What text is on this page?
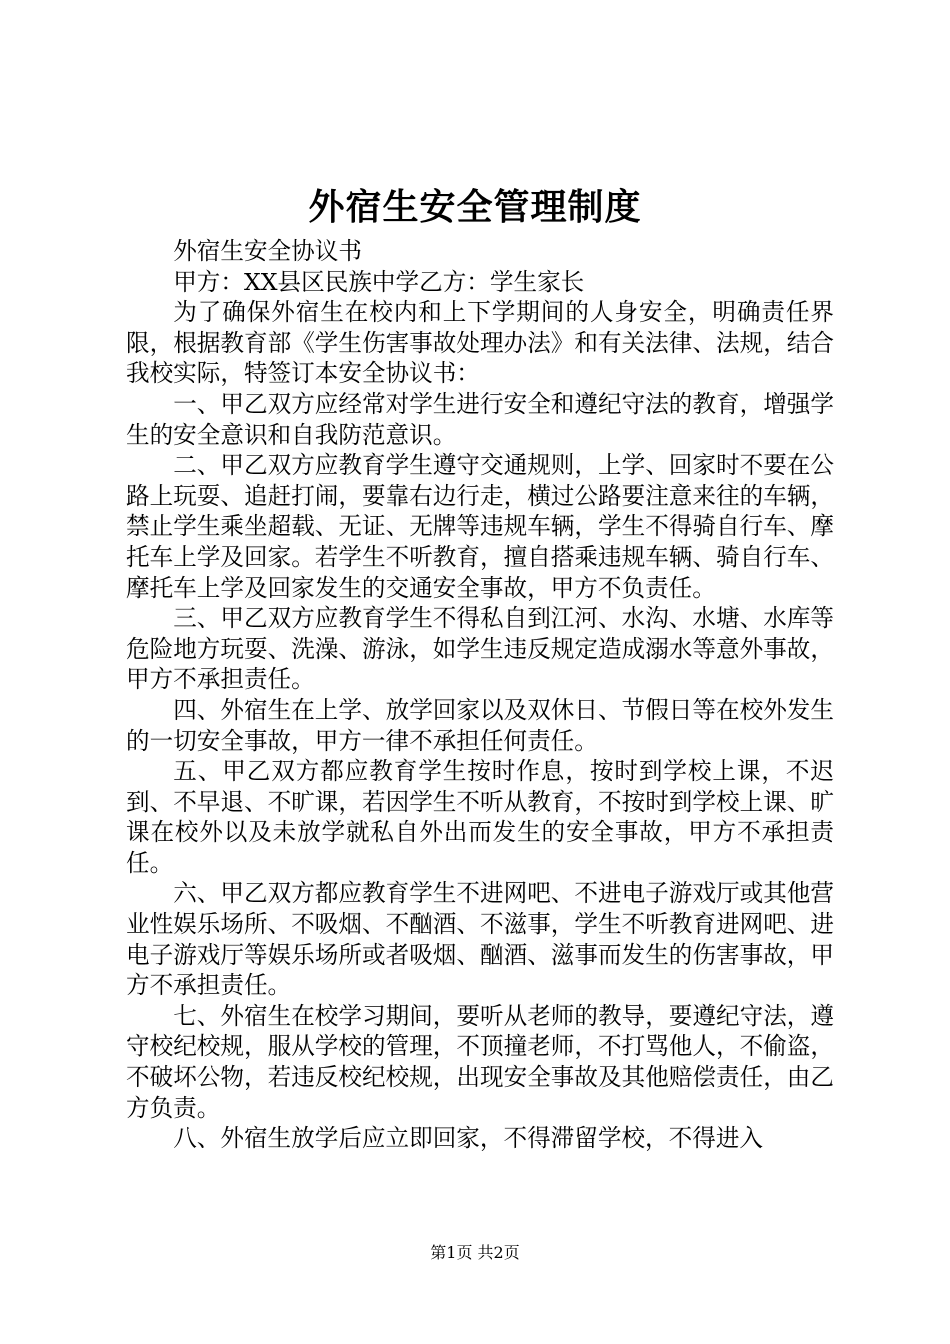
外宿生安全管理制度

外宿生安全协议书

甲方：XX县区民族中学乙方：学生家长

为了确保外宿生在校内和上下学期间的人身安全，明确责任界限，根据教育部《学生伤害事故处理办法》和有关法律、法规，结合我校实际，特签订本安全协议书：

一、甲乙双方应经常对学生进行安全和遵纪守法的教育，增强学生的安全意识和自我防范意识。

二、甲乙双方应教育学生遵守交通规则，上学、回家时不要在公路上玩耍、追赶打闹，要靠右边行走，横过公路要注意来往的车辆，禁止学生乘坐超载、无证、无牌等违规车辆，学生不得骑自行车、摩托车上学及回家。若学生不听教育，擅自搭乘违规车辆、骑自行车、摩托车上学及回家发生的交通安全事故，甲方不负责任。

三、甲乙双方应教育学生不得私自到江河、水沟、水塘、水库等危险地方玩耍、洗澡、游泳，如学生违反规定造成溺水等意外事故，甲方不承担责任。

四、外宿生在上学、放学回家以及双休日、节假日等在校外发生的一切安全事故，甲方一律不承担任何责任。

五、甲乙双方都应教育学生按时作息，按时到学校上课，不迟到、不早退、不旷课，若因学生不听从教育，不按时到学校上课、旷课在校外以及未放学就私自外出而发生的安全事故，甲方不承担责任。

六、甲乙双方都应教育学生不进网吧、不进电子游戏厅或其他营业性娱乐场所、不吸烟、不酗酒、不滋事，学生不听教育进网吧、进电子游戏厅等娱乐场所或者吸烟、酗酒、滋事而发生的伤害事故，甲方不承担责任。

七、外宿生在校学习期间，要听从老师的教导，要遵纪守法，遵守校纪校规，服从学校的管理，不顶撞老师，不打骂他人，不偷盗，不破坏公物，若违反校纪校规，出现安全事故及其他赔偿责任，由乙方负责。

八、外宿生放学后应立即回家，不得滞留学校，不得进入

第1页 共2页
